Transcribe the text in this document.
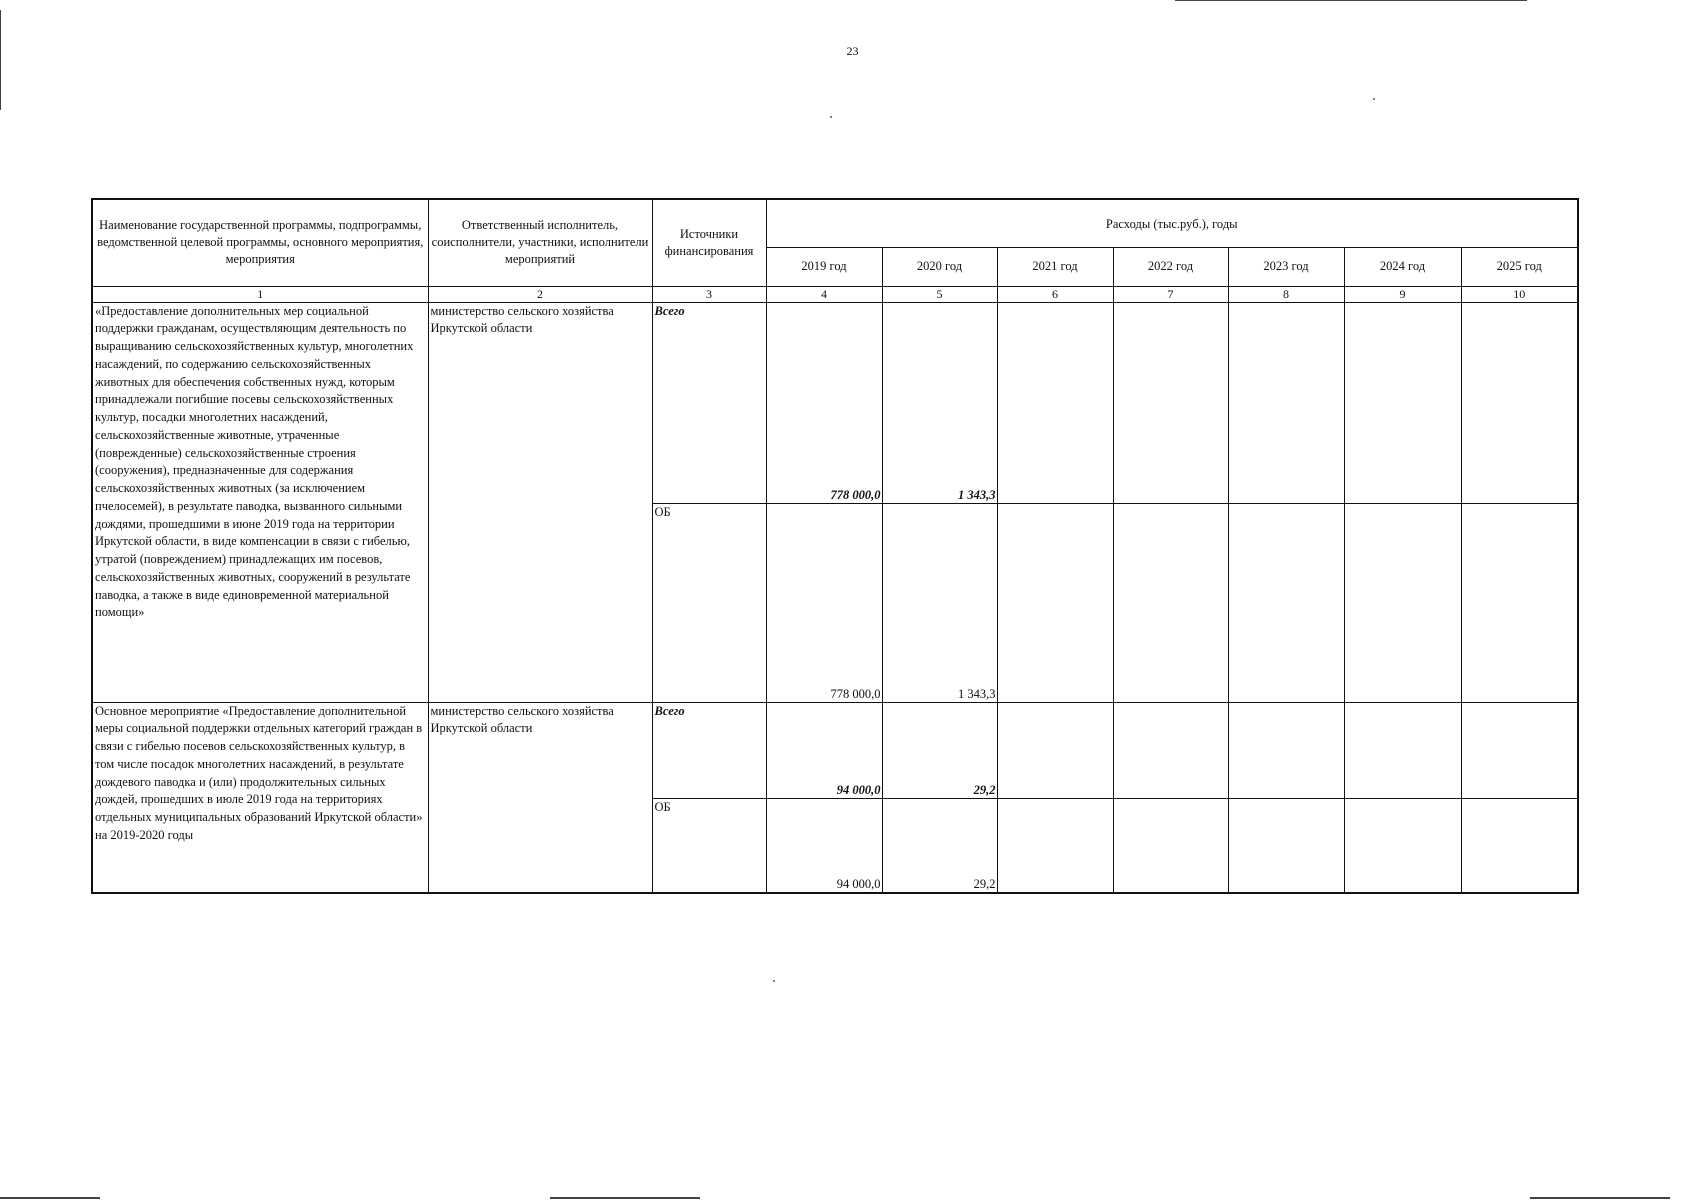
23
Наименование государственной программы, подпрограммы, ведомственной целевой программы, основного мероприятия, мероприятия	Ответственный исполнитель, соисполнители, участники, исполнители мероприятий	Источники финансирования	Расходы (тыс.руб.), годы						
			2019 год	2020 год	2021 год	2022 год	2023 год	2024 год	2025 год
1	2	3	4	5	6	7	8	9	10
«Предоставление дополнительных мер социальной поддержки гражданам, осуществляющим деятельность по выращиванию сельскохозяйственных культур, многолетних насаждений, по содержанию сельскохозяйственных животных для обеспечения собственных нужд, которым принадлежали погибшие посевы сельскохозяйственных культур, посадки многолетних насаждений, сельскохозяйственные животные, утраченные (поврежденные) сельскохозяйственные строения (сооружения), предназначенные для содержания сельскохозяйственных животных (за исключением пчелосемей), в результате паводка, вызванного сильными дождями, прошедшими в июне 2019 года на территории Иркутской области, в виде компенсации в связи с гибелью, утратой (повреждением) принадлежащих им посевов, сельскохозяйственных животных, сооружений в результате паводка, а также в виде единовременной материальной помощи»	министерство сельского хозяйства Иркутской области	Всего	778 000,0	1 343,3					
		ОБ	778 000,0	1 343,3					
Основное мероприятие «Предоставление дополнительной меры социальной поддержки отдельных категорий граждан в связи с гибелью посевов сельскохозяйственных культур, в том числе посадок многолетних насаждений, в результате дождевого паводка и (или) продолжительных сильных дождей, прошедших в июле 2019 года на территориях отдельных муниципальных образований Иркутской области» на 2019-2020 годы	министерство сельского хозяйства Иркутской области	Всего	94 000,0	29,2					
		ОБ	94 000,0	29,2					
